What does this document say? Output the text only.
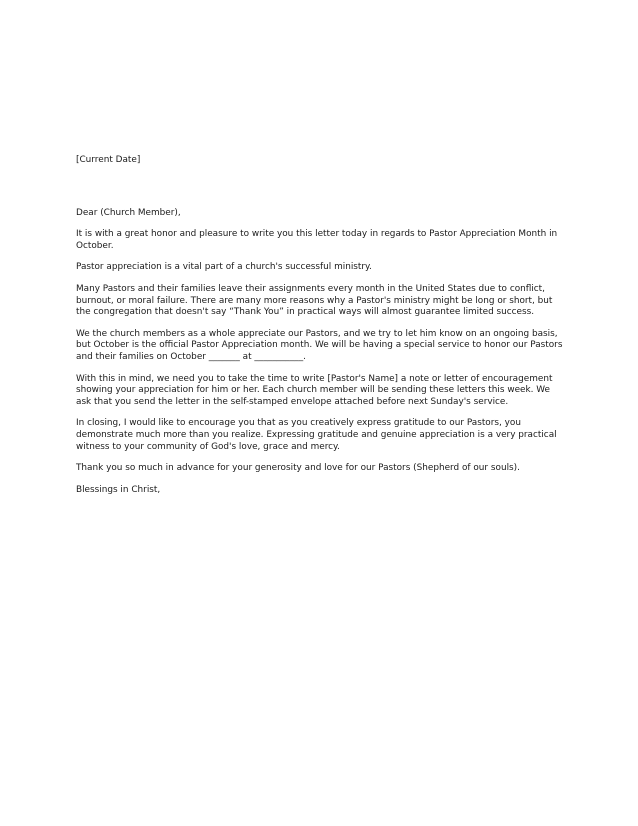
[Current Date]

Dear (Church Member),

It is with a great honor and pleasure to write you this letter today in regards to Pastor Appreciation Month in October.

Pastor appreciation is a vital part of a church's successful ministry.

Many Pastors and their families leave their assignments every month in the United States due to conflict, burnout, or moral failure. There are many more reasons why a Pastor's ministry might be long or short, but the congregation that doesn't say “Thank You” in practical ways will almost guarantee limited success.

We the church members as a whole appreciate our Pastors, and we try to let him know on an ongoing basis, but October is the official Pastor Appreciation month. We will be having a special service to honor our Pastors and their families on October _______ at ___________.

With this in mind, we need you to take the time to write [Pastor's Name] a note or letter of encouragement showing your appreciation for him or her. Each church member will be sending these letters this week. We ask that you send the letter in the self-stamped envelope attached before next Sunday's service.

In closing, I would like to encourage you that as you creatively express gratitude to our Pastors, you demonstrate much more than you realize. Expressing gratitude and genuine appreciation is a very practical witness to your community of God's love, grace and mercy.

Thank you so much in advance for your generosity and love for our Pastors (Shepherd of our souls).

Blessings in Christ,
